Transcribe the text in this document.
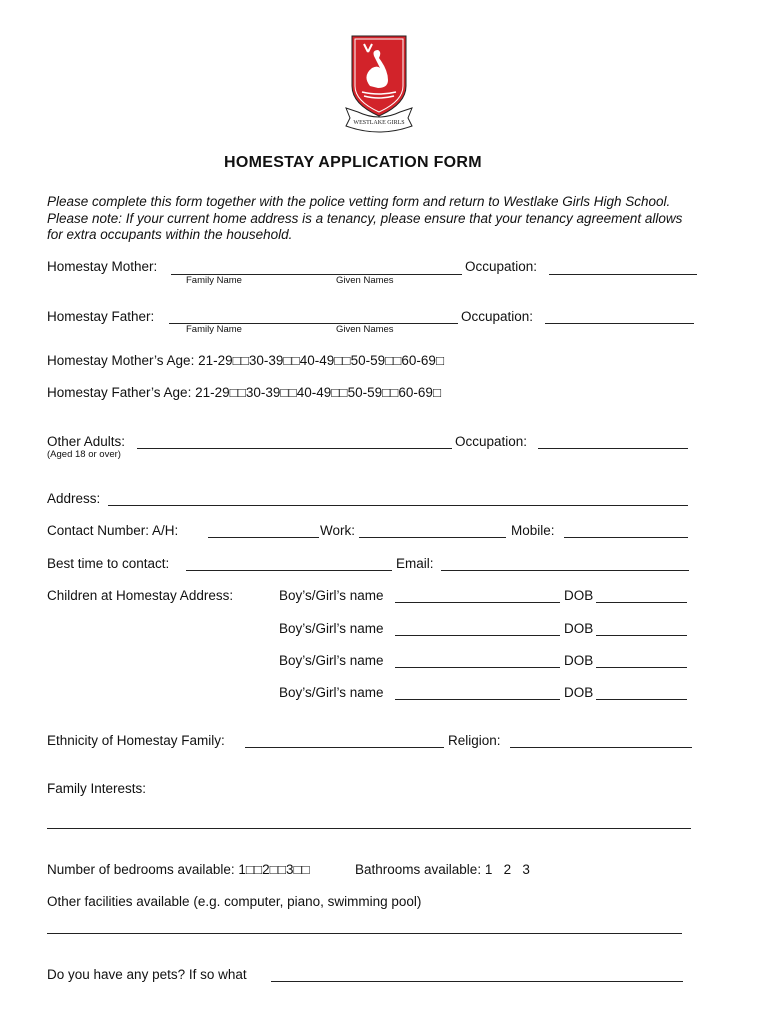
WESTLAKE GIRLS
HOMESTAY APPLICATION FORM
Please complete this form together with the police vetting form and return to Westlake Girls High School. Please note: If your current home address is a tenancy, please ensure that your tenancy agreement allows for extra occupants within the household.
Homestay Mother:
Family Name	Given Names
Occupation:
Homestay Father:
Family Name	Given Names
Occupation:
Homestay Mother’s Age: 21-29□□30-39□□40-49□□50-59□□60-69□
Homestay Father’s Age: 21-29□□30-39□□40-49□□50-59□□60-69□
Other Adults:	Occupation:
(Aged 18 or over)
Address:
Contact Number: A/H:	Work:	Mobile:
Best time to contact:	Email:
Children at Homestay Address:	Boy’s/Girl’s name	DOB
Boy’s/Girl’s name	DOB
Boy’s/Girl’s name	DOB
Boy’s/Girl’s name	DOB
Ethnicity of Homestay Family:	Religion:
Family Interests:
Number of bedrooms available: 1□□2□□3□□	Bathrooms available: 1   2   3
Other facilities available (e.g. computer, piano, swimming pool)
Do you have any pets? If so what
